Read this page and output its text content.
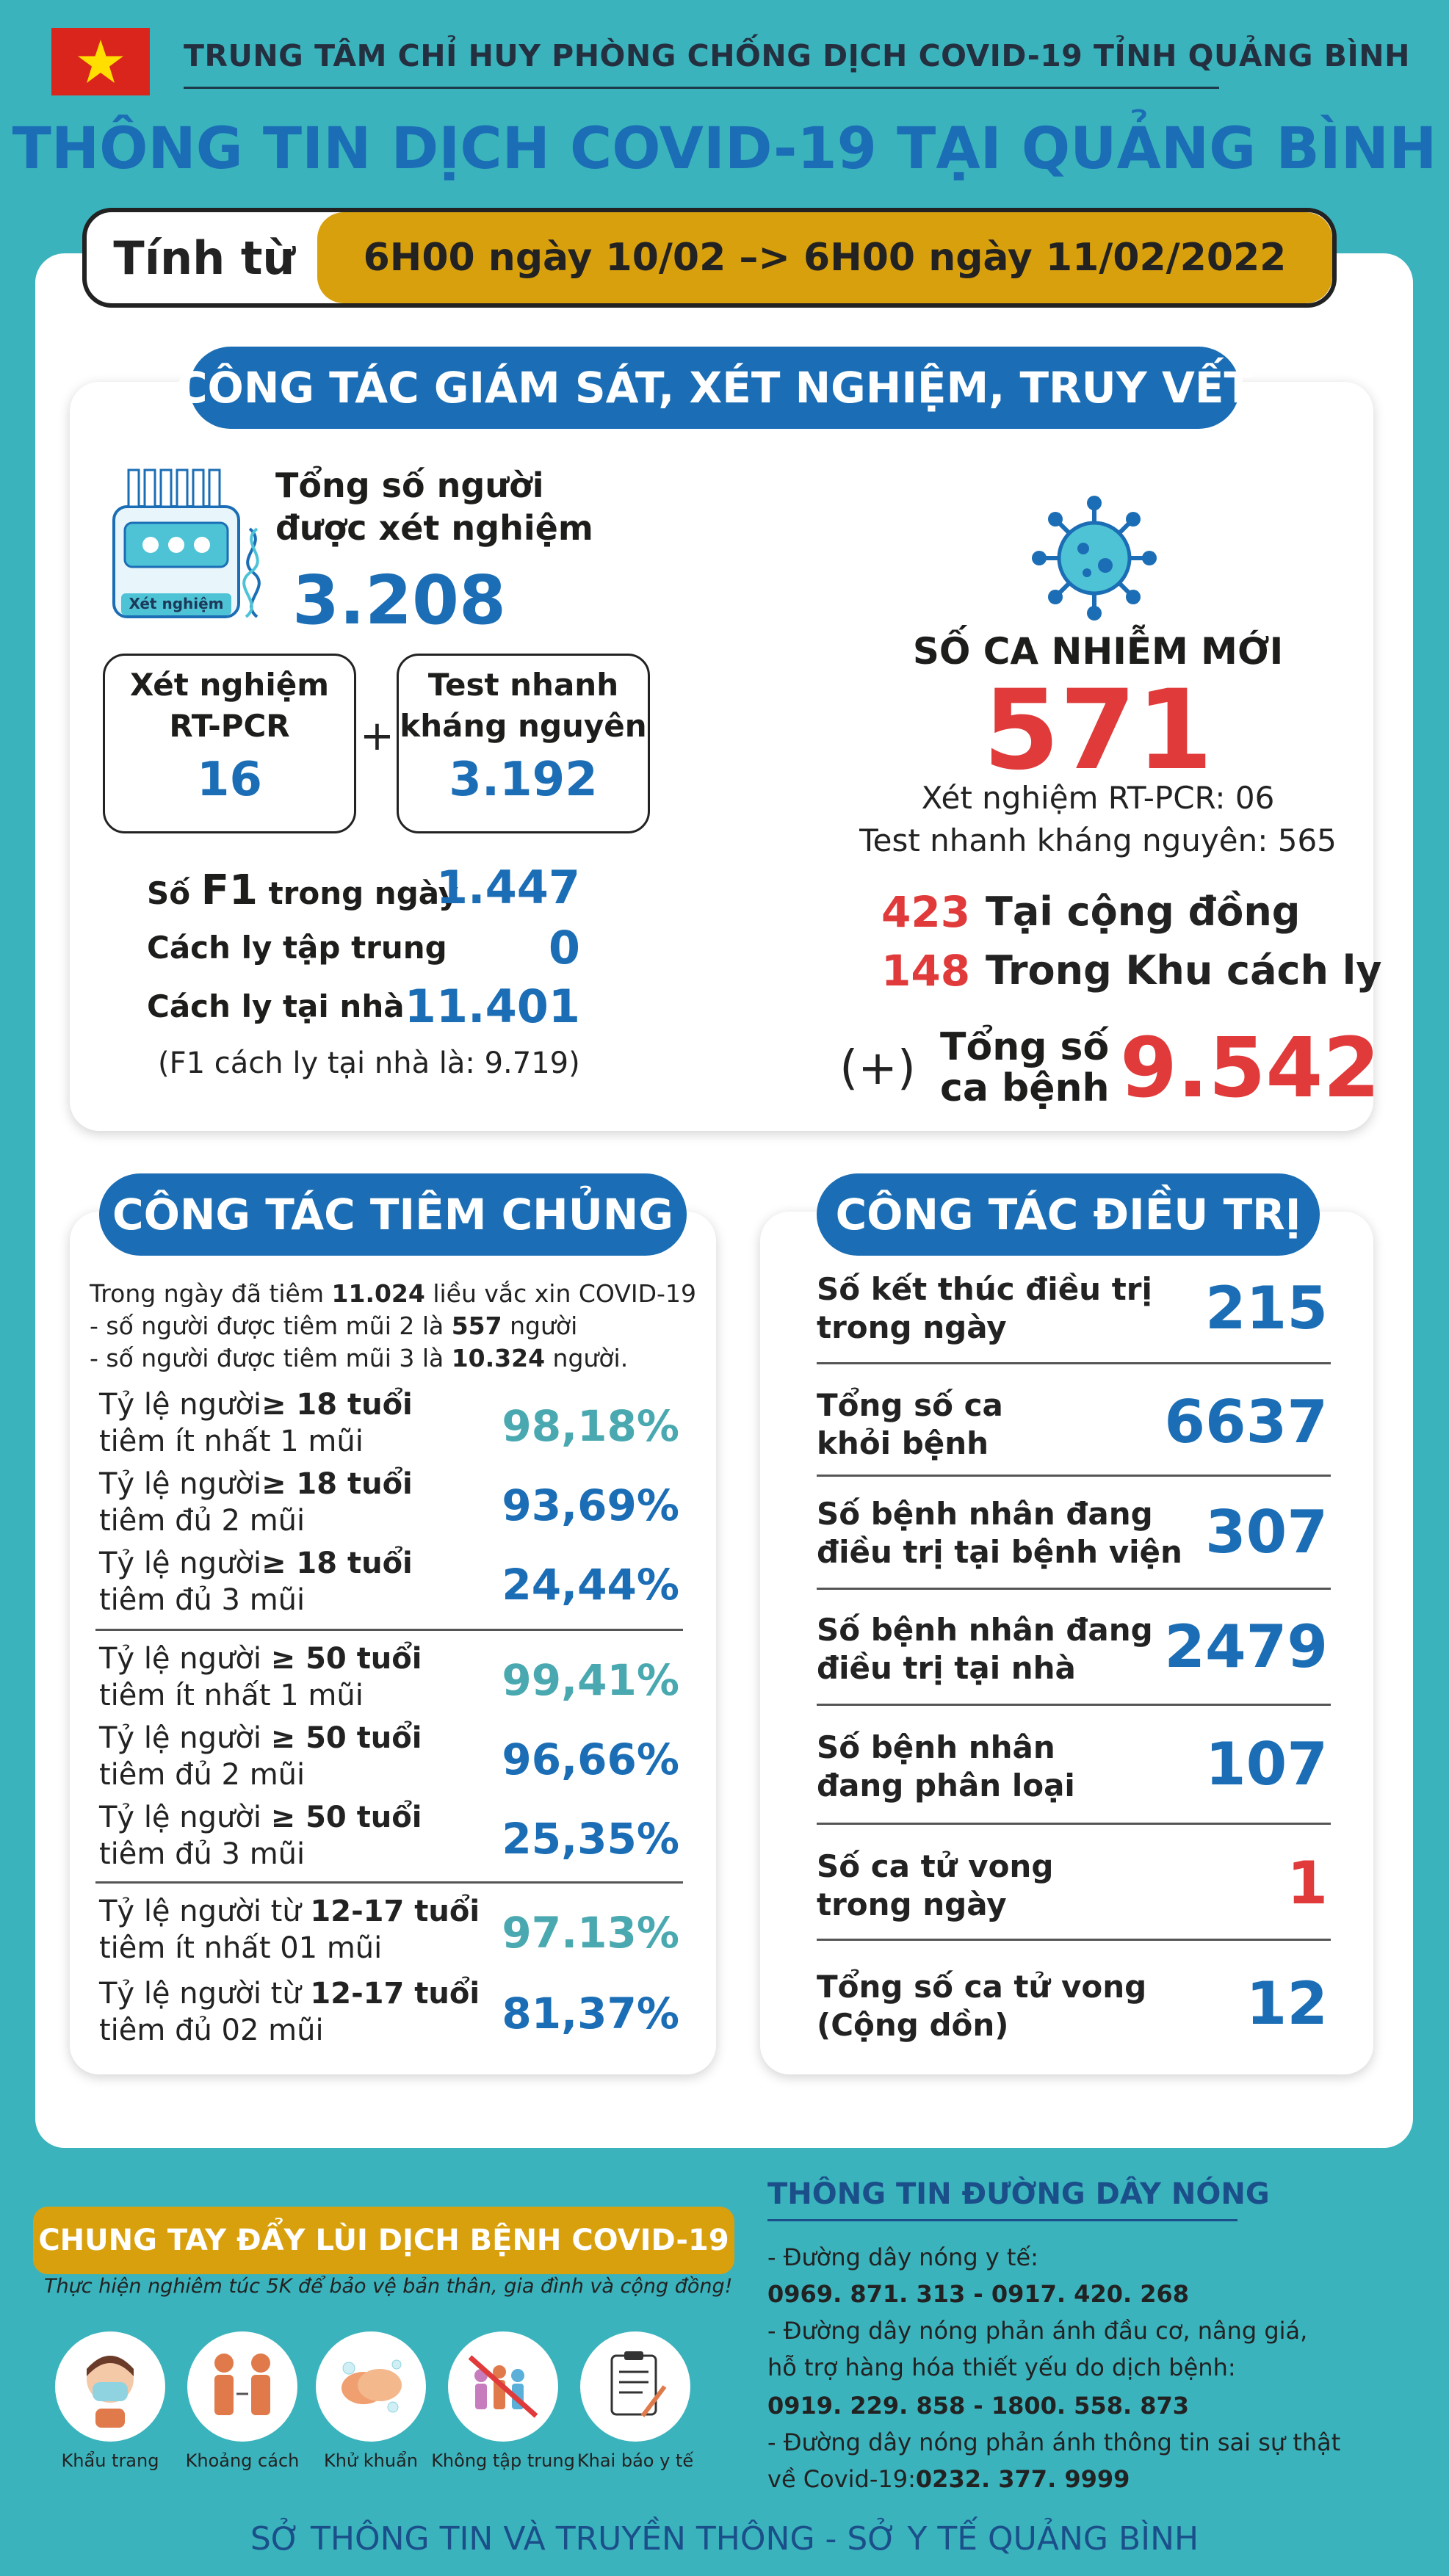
TRUNG TÂM CHỈ HUY PHÒNG CHỐNG DỊCH COVID-19 TỈNH QUẢNG BÌNH
THÔNG TIN DỊCH COVID-19 TẠI QUẢNG BÌNH
Tính từ	6H00 ngày 10/02 –> 6H00 ngày 11/02/2022
CÔNG TÁC GIÁM SÁT, XÉT NGHIỆM, TRUY VẾT
Xét nghiệm
Tổng số người
được xét nghiệm
3.208
Xét nghiệm
RT-PCR
16
+
Test nhanh
kháng nguyên
3.192
Số F1 trong ngày
1.447
Cách ly tập trung	0
Cách ly tại nhà 11.401
(F1 cách ly tại nhà là: 9.719)
SỐ CA NHIỄM MỚI
571
Xét nghiệm RT-PCR: 06
Test nhanh kháng nguyên: 565
423 Tại cộng đồng
148 Trong Khu cách ly
(+) Tổng số
ca bệnh 9.542
CÔNG TÁC TIÊM CHỦNG
Trong ngày đã tiêm 11.024 liều vắc xin COVID-19
- số người được tiêm mũi 2 là 557 người
- số người được tiêm mũi 3 là 10.324 người.
Tỷ lệ người≥ 18 tuổi
tiêm ít nhất 1 mũi	98,18%
Tỷ lệ người≥ 18 tuổi
tiêm đủ 2 mũi	93,69%
Tỷ lệ người≥ 18 tuổi
tiêm đủ 3 mũi	24,44%
Tỷ lệ người ≥ 50 tuổi
tiêm ít nhất 1 mũi	99,41%
Tỷ lệ người ≥ 50 tuổi
tiêm đủ 2 mũi	96,66%
Tỷ lệ người ≥ 50 tuổi
tiêm đủ 3 mũi	25,35%
Tỷ lệ người từ 12-17 tuổi
tiêm ít nhất 01 mũi	97.13%
Tỷ lệ người từ 12-17 tuổi
tiêm đủ 02 mũi	81,37%
CÔNG TÁC ĐIỀU TRỊ
Số kết thúc điều trị
trong ngày	215
Tổng số ca
khỏi bệnh	6637
Số bệnh nhân đang
điều trị tại bệnh viện 307
Số bệnh nhân đang
điều trị tại nhà	2479
Số bệnh nhân
đang phân loại 107
Số ca tử vong
trong ngày	1
Tổng số ca tử vong
(Cộng dồn)	12
CHUNG TAY ĐẨY LÙI DỊCH BỆNH COVID-19
Thực hiện nghiêm túc 5K để bảo vệ bản thân, gia đình và cộng đồng!
Khẩu trang	Khoảng cách	Khử khuẩn Không tập trung Khai báo y tế
THÔNG TIN ĐƯỜNG DÂY NÓNG
- Đường dây nóng y tế:
0969. 871. 313 - 0917. 420. 268
- Đường dây nóng phản ánh đầu cơ, nâng giá,
hỗ trợ hàng hóa thiết yếu do dịch bệnh:
0919. 229. 858 - 1800. 558. 873
- Đường dây nóng phản ánh thông tin sai sự thật
về Covid-19:0232. 377. 9999
SỞ THÔNG TIN VÀ TRUYỀN THÔNG - SỞ Y TẾ QUẢNG BÌNH
